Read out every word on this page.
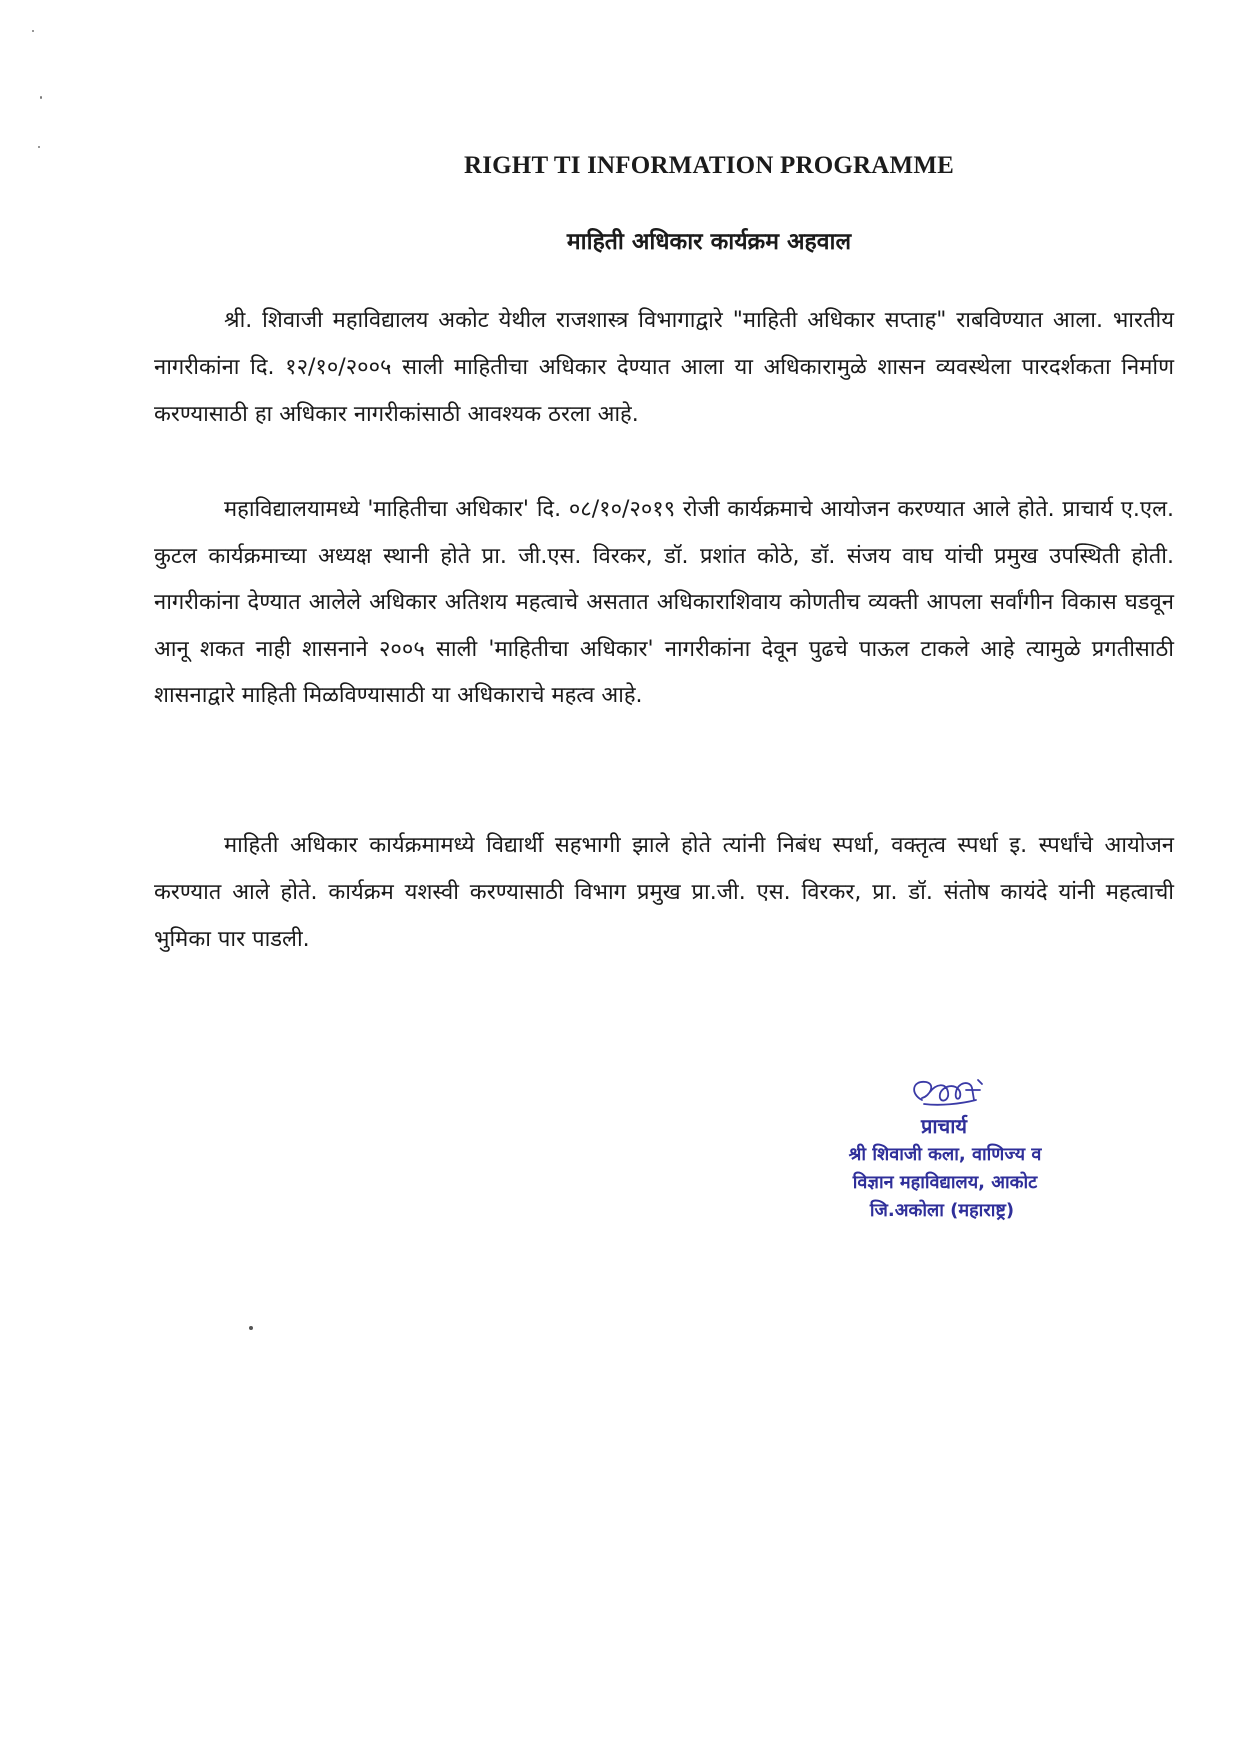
RIGHT TI INFORMATION PROGRAMME
माहिती अधिकार कार्यक्रम अहवाल

श्री. शिवाजी महाविद्यालय अकोट येथील राजशास्त्र विभागाद्वारे "माहिती अधिकार सप्ताह" राबविण्यात आला. भारतीय नागरीकांना दि. १२/१०/२००५ साली माहितीचा अधिकार देण्यात आला या अधिकारामुळे शासन व्यवस्थेला पारदर्शकता निर्माण करण्यासाठी हा अधिकार नागरीकांसाठी आवश्यक ठरला आहे.

महाविद्यालयामध्ये 'माहितीचा अधिकार' दि. ०८/१०/२०१९ रोजी कार्यक्रमाचे आयोजन करण्यात आले होते. प्राचार्य ए.एल. कुटल कार्यक्रमाच्या अध्यक्ष स्थानी होते प्रा. जी.एस. विरकर, डॉ. प्रशांत कोठे, डॉ. संजय वाघ यांची प्रमुख उपस्थिती होती. नागरीकांना देण्यात आलेले अधिकार अतिशय महत्वाचे असतात अधिकाराशिवाय कोणतीच व्यक्ती आपला सर्वांगीन विकास घडवून आनू शकत नाही शासनाने २००५ साली 'माहितीचा अधिकार' नागरीकांना देवून पुढचे पाऊल टाकले आहे त्यामुळे प्रगतीसाठी शासनाद्वारे माहिती मिळविण्यासाठी या अधिकाराचे महत्व आहे.

माहिती अधिकार कार्यक्रमामध्ये विद्यार्थी सहभागी झाले होते त्यांनी निबंध स्पर्धा, वक्तृत्व स्पर्धा इ. स्पर्धांचे आयोजन करण्यात आले होते. कार्यक्रम यशस्वी करण्यासाठी विभाग प्रमुख प्रा.जी. एस. विरकर, प्रा. डॉ. संतोष कायंदे यांनी महत्वाची भुमिका पार पाडली.

प्राचार्य
श्री शिवाजी कला, वाणिज्य व
विज्ञान महाविद्यालय, आकोट
जि.अकोला (महाराष्ट्र)
